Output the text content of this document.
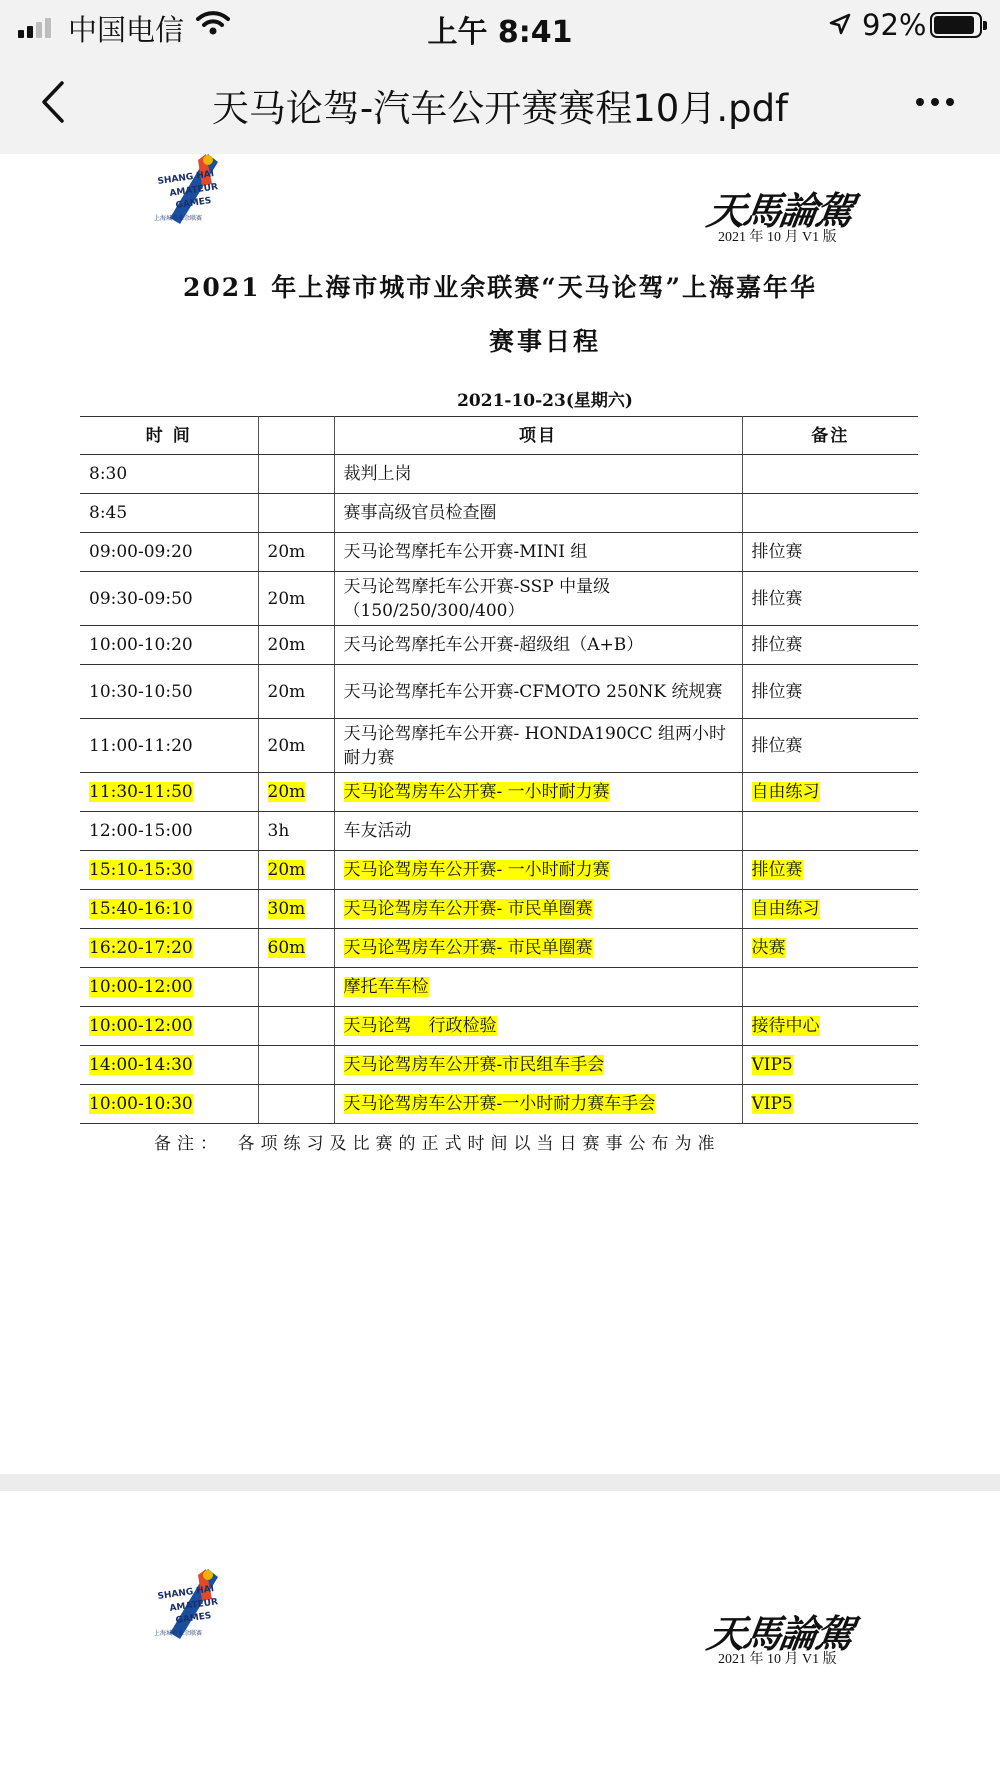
中国电信	上午 8:41	92%
天马论驾-汽车公开赛赛程10月.pdf
SHANG HAI
AMATEUR
GAMES
上海城市业余联赛	天馬論駕
2021 年 10 月 V1 版
2021 年上海市城市业余联赛“天马论驾”上海嘉年华
赛事日程
2021-10-23(星期六)
时 间		项目	备注
8:30		裁判上岗	
8:45		赛事高级官员检查圈	
09:00-09:20	20m	天马论驾摩托车公开赛-MINI 组	排位赛
09:30-09:50	20m	天马论驾摩托车公开赛-SSP 中量级（150/250/300/400）	排位赛
10:00-10:20	20m	天马论驾摩托车公开赛-超级组（A+B）	排位赛
10:30-10:50	20m	天马论驾摩托车公开赛-CFMOTO 250NK 统规赛	排位赛
11:00-11:20	20m	天马论驾摩托车公开赛- HONDA190CC 组两小时耐力赛	排位赛
11:30-11:50	20m	天马论驾房车公开赛- 一小时耐力赛	自由练习
12:00-15:00	3h	车友活动	
15:10-15:30	20m	天马论驾房车公开赛- 一小时耐力赛	排位赛
15:40-16:10	30m	天马论驾房车公开赛- 市民单圈赛	自由练习
16:20-17:20	60m	天马论驾房车公开赛- 市民单圈赛	决赛
10:00-12:00		摩托车车检	
10:00-12:00		天马论驾　行政检验	接待中心
14:00-14:30		天马论驾房车公开赛-市民组车手会	VIP5
10:00-10:30		天马论驾房车公开赛-一小时耐力赛车手会	VIP5
备注：　各项练习及比赛的正式时间以当日赛事公布为准
SHANG HAI
AMATEUR
GAMES
上海城市业余联赛	天馬論駕
2021 年 10 月 V1 版
